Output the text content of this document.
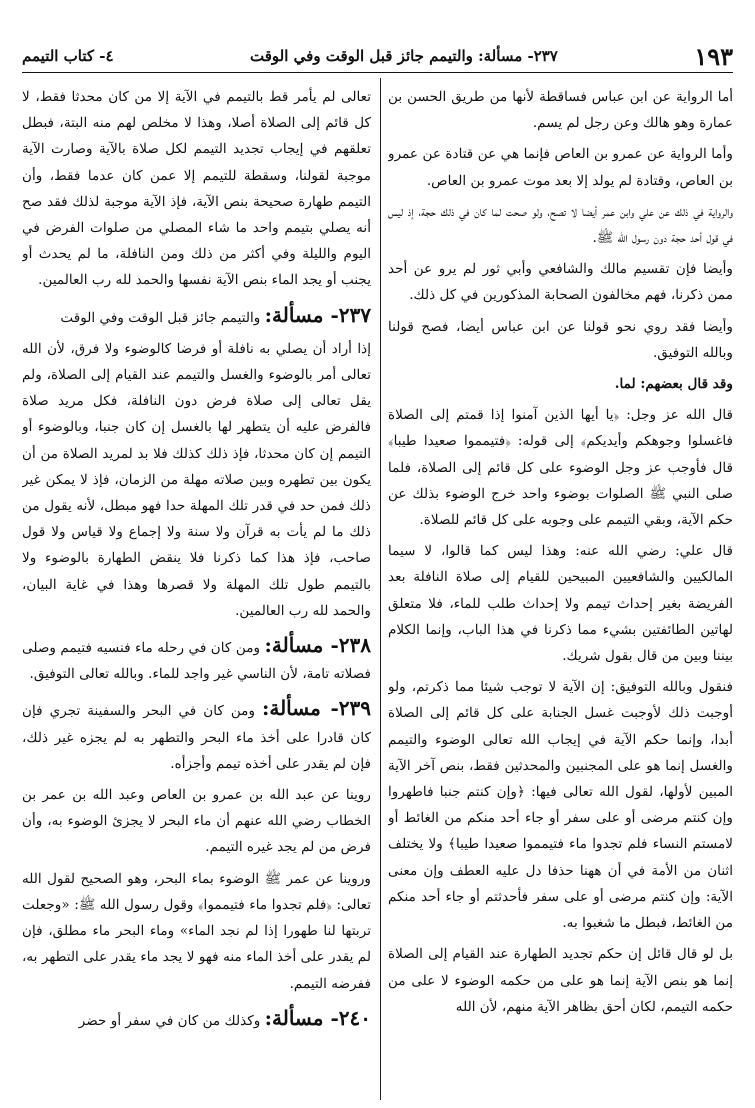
١٩٣
٢٣٧- مسألة: والتيمم جائز قبل الوقت وفي الوقت
٤- كتاب التيمم

أما الرواية عن ابن عباس فساقطة لأنها من طريق الحسن بن عمارة وهو هالك وعن رجل لم يسم.

وأما الرواية عن عمرو بن العاص فإنما هي عن قتادة عن عمرو بن العاص، وقتادة لم يولد إلا بعد موت عمرو بن العاص.

والرواية في ذلك عن علي وابن عمر أيضا لا تصح، ولو صحت لما كان في ذلك حجة، إذ ليس في قول أحد حجة دون رسول الله ﷺ.

وأيضا فإن تقسيم مالك والشافعي وأبي ثور لم يرو عن أحد ممن ذكرنا، فهم مخالفون الصحابة المذكورين في كل ذلك.

وأيضا فقد روي نحو قولنا عن ابن عباس أيضا، فصح قولنا وبالله التوفيق.

وقد قال بعضهم: لما.

قال الله عز وجل: ﴿يا أيها الذين آمنوا إذا قمتم إلى الصلاة فاغسلوا وجوهكم وأيديكم﴾ إلى قوله: ﴿فتيمموا صعيدا طيبا﴾ قال فأوجب عز وجل الوضوء على كل قائم إلى الصلاة، فلما صلى النبي ﷺ الصلوات بوضوء واحد خرج الوضوء بذلك عن حكم الآية، وبقي التيمم على وجوبه على كل قائم للصلاة.

قال علي: رضي الله عنه: وهذا ليس كما قالوا، لا سيما المالكيين والشافعيين المبيحين للقيام إلى صلاة النافلة بعد الفريضة بغير إحداث تيمم ولا إحداث طلب للماء، فلا متعلق لهاتين الطائفتين بشيء مما ذكرنا في هذا الباب، وإنما الكلام بيننا وبين من قال بقول شريك.

فنقول وبالله التوفيق: إن الآية لا توجب شيئا مما ذكرتم، ولو أوجبت ذلك لأوجبت غسل الجنابة على كل قائم إلى الصلاة أبدا، وإنما حكم الآية في إيجاب الله تعالى الوضوء والتيمم والغسل إنما هو على المجنبين والمحدثين فقط، بنص آخر الآية المبين لأولها، لقول الله تعالى فيها: ﴿وإن كنتم جنبا فاطهروا وإن كنتم مرضى أو على سفر أو جاء أحد منكم من الغائط أو لامستم النساء فلم تجدوا ماء فتيمموا صعيدا طيبا﴾ ولا يختلف اثنان من الأمة في أن ههنا حذفا دل عليه العطف وإن معنى الآية: وإن كنتم مرضى أو على سفر فأحدثتم أو جاء أحد منكم من الغائط، فبطل ما شغبوا به.

بل لو قال قائل إن حكم تجديد الطهارة عند القيام إلى الصلاة إنما هو بنص الآية إنما هو على من حكمه الوضوء لا على من حكمه التيمم، لكان أحق بظاهر الآية منهم، لأن الله

تعالى لم يأمر قط بالتيمم في الآية إلا من كان محدثا فقط، لا كل قائم إلى الصلاة أصلا، وهذا لا مخلص لهم منه البتة، فبطل تعلقهم في إيجاب تجديد التيمم لكل صلاة بالآية وصارت الآية موجبة لقولنا، وسقطة للتيمم إلا عمن كان عدما فقط، وأن التيمم طهارة صحيحة بنص الآية، فإذ الآية موجبة لذلك فقد صح أنه يصلي بتيمم واحد ما شاء المصلي من صلوات الفرض في اليوم والليلة وفي أكثر من ذلك ومن النافلة، ما لم يحدث أو يجنب أو يجد الماء بنص الآية نفسها والحمد لله رب العالمين.

٢٣٧- مسألة: والتيمم جائز قبل الوقت وفي الوقت

إذا أراد أن يصلي به نافلة أو فرضا كالوضوء ولا فرق، لأن الله تعالى أمر بالوضوء والغسل والتيمم عند القيام إلى الصلاة، ولم يقل تعالى إلى صلاة فرض دون النافلة، فكل مريد صلاة فالفرض عليه أن يتطهر لها بالغسل إن كان جنبا، وبالوضوء أو التيمم إن كان محدثا، فإذ ذلك كذلك فلا بد لمريد الصلاة من أن يكون بين تطهره وبين صلاته مهلة من الزمان، فإذ لا يمكن غير ذلك فمن حد في قدر تلك المهلة حدا فهو مبطل، لأنه يقول من ذلك ما لم يأت به قرآن ولا سنة ولا إجماع ولا قياس ولا قول صاحب، فإذ هذا كما ذكرنا فلا ينقض الطهارة بالوضوء ولا بالتيمم طول تلك المهلة ولا قصرها وهذا في غاية البيان، والحمد لله رب العالمين.

٢٣٨- مسألة: ومن كان في رحله ماء فنسيه فتيمم وصلى فصلاته تامة، لأن الناسي غير واجد للماء. وبالله تعالى التوفيق.

٢٣٩- مسألة: ومن كان في البحر والسفينة تجري فإن كان قادرا على أخذ ماء البحر والتطهر به لم يجزه غير ذلك، فإن لم يقدر على أخذه تيمم وأجزأه.

روينا عن عبد الله بن عمرو بن العاص وعبد الله بن عمر بن الخطاب رضي الله عنهم أن ماء البحر لا يجزئ الوضوء به، وأن فرض من لم يجد غيره التيمم.

وروينا عن عمر ﷺ الوضوء بماء البحر، وهو الصحيح لقول الله تعالى: ﴿فلم تجدوا ماء فتيمموا﴾ وقول رسول الله ﷺ: «وجعلت تربتها لنا طهورا إذا لم نجد الماء» وماء البحر ماء مطلق، فإن لم يقدر على أخذ الماء منه فهو لا يجد ماء يقدر على التطهر به، ففرضه التيمم.

٢٤٠- مسألة: وكذلك من كان في سفر أو حضر
